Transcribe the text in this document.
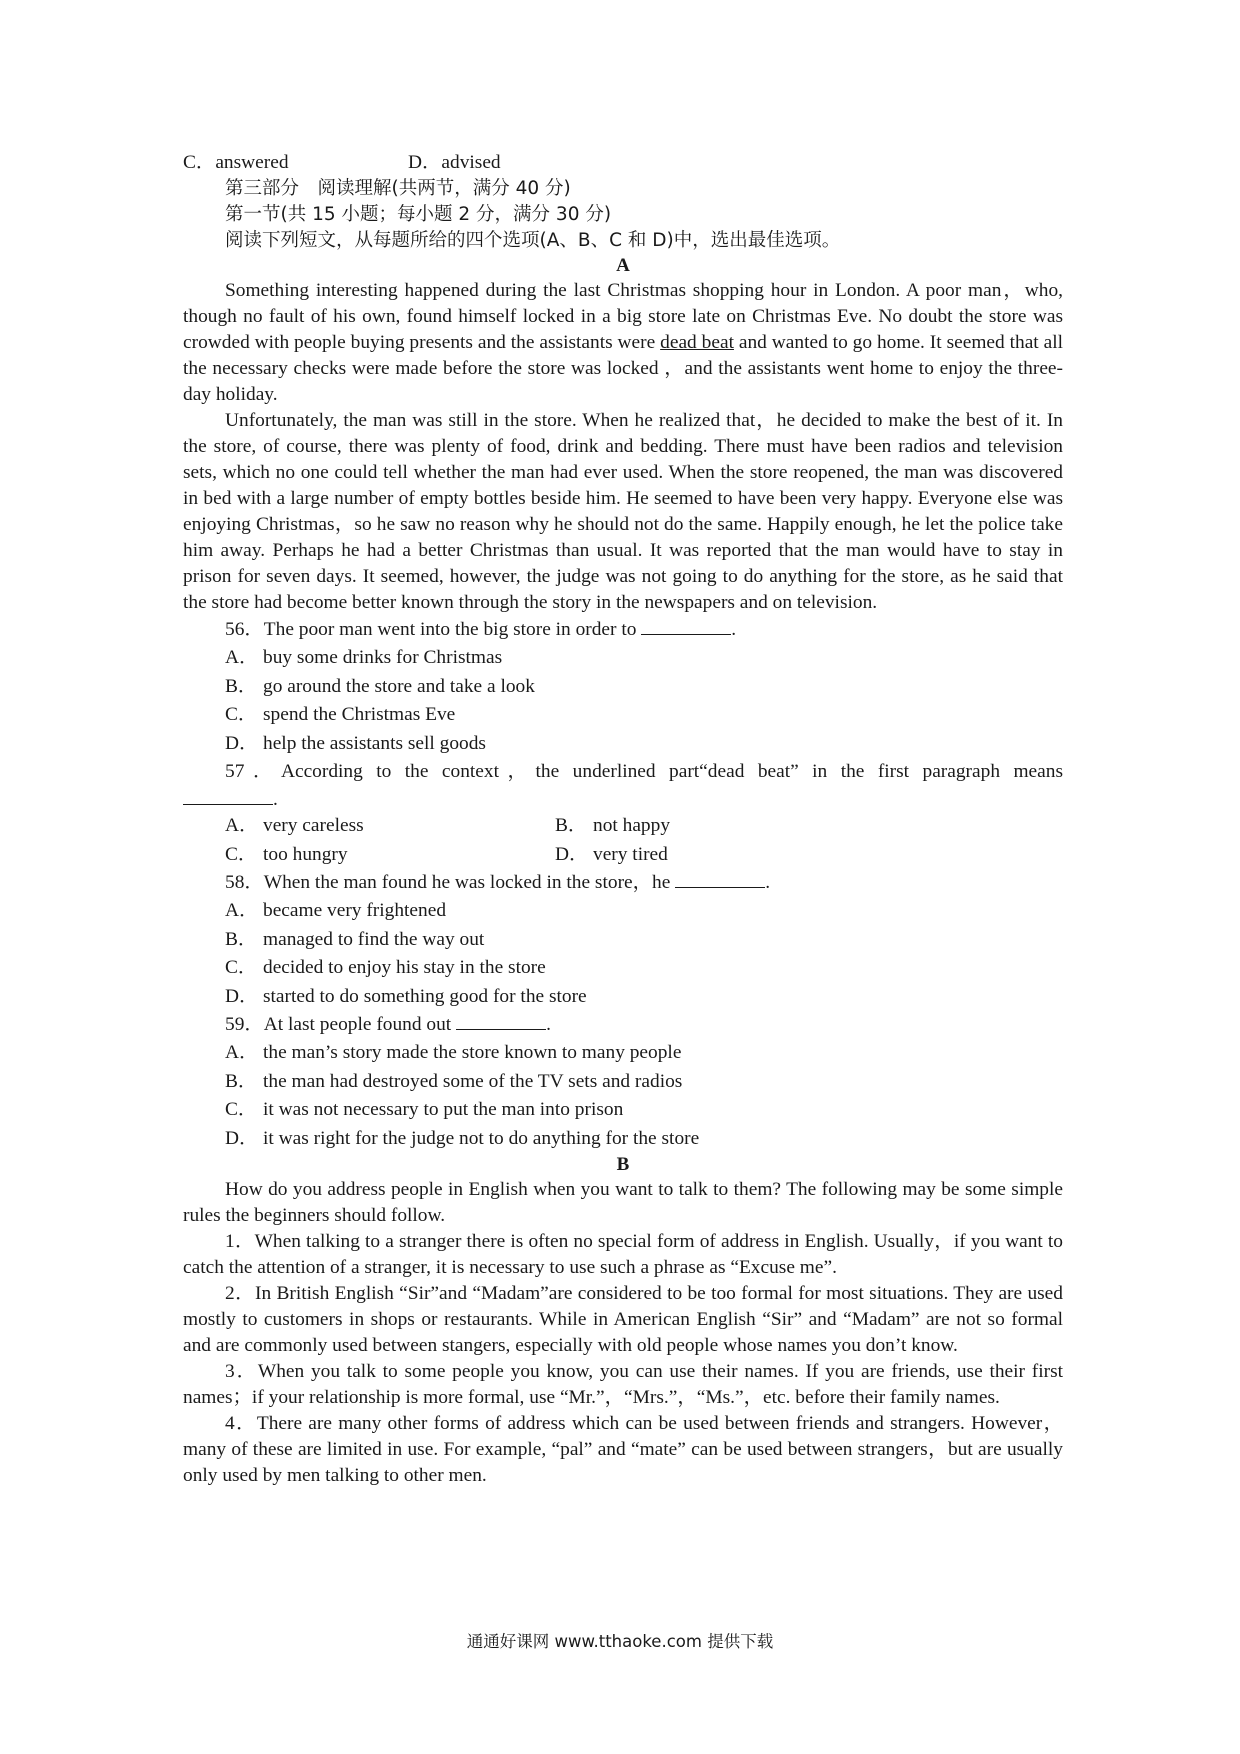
C．answered	D．advised
第三部分　阅读理解(共两节，满分 40 分)
第一节(共 15 小题；每小题 2 分，满分 30 分)
阅读下列短文，从每题所给的四个选项(A、B、C 和 D)中，选出最佳选项。
A

Something interesting happened during the last Christmas shopping hour in London. A poor man，who, though no fault of his own, found himself locked in a big store late on Christmas Eve. No doubt the store was crowded with people buying presents and the assistants were dead beat and wanted to go home. It seemed that all the necessary checks were made before the store was locked ，and the assistants went home to enjoy the three-day holiday.

Unfortunately, the man was still in the store. When he realized that，he decided to make the best of it. In the store, of course, there was plenty of food, drink and bedding. There must have been radios and television sets, which no one could tell whether the man had ever used. When the store reopened, the man was discovered in bed with a large number of empty bottles beside him. He seemed to have been very happy. Everyone else was enjoying Christmas，so he saw no reason why he should not do the same. Happily enough, he let the police take him away. Perhaps he had a better Christmas than usual. It was reported that the man would have to stay in prison for seven days. It seemed, however, the judge was not going to do anything for the store, as he said that the store had become better known through the story in the newspapers and on television.

56．The poor man went into the big store in order to	.
A． buy some drinks for Christmas
B． go around the store and take a look
C． spend the Christmas Eve
D． help the assistants sell goods
57．According to the context，the underlined part“dead beat” in the first paragraph means
.
A． very careless	B． not happy
C． too hungry	D． very tired
58．When the man found he was locked in the store，he	.
A． became very frightened
B． managed to find the way out
C． decided to enjoy his stay in the store
D． started to do something good for the store
59．At last people found out	.
A． the man’s story made the store known to many people
B． the man had destroyed some of the TV sets and radios
C． it was not necessary to put the man into prison
D． it was right for the judge not to do anything for the store
B

How do you address people in English when you want to talk to them? The following may be some simple rules the beginners should follow.

1．When talking to a stranger there is often no special form of address in English. Usually，if you want to catch the attention of a stranger, it is necessary to use such a phrase as “Excuse me”.

2．In British English “Sir”and “Madam”are considered to be too formal for most situations. They are used mostly to customers in shops or restaurants. While in American English “Sir” and “Madam” are not so formal and are commonly used between stangers, especially with old people whose names you don’t know.

3．When you talk to some people you know, you can use their names. If you are friends, use their first names；if your relationship is more formal, use “Mr.”，“Mrs.”，“Ms.”，etc. before their family names.

4．There are many other forms of address which can be used between friends and strangers. However，many of these are limited in use. For example, “pal” and “mate” can be used between strangers，but are usually only used by men talking to other men.

通通好课网 www.tthaoke.com 提供下载
